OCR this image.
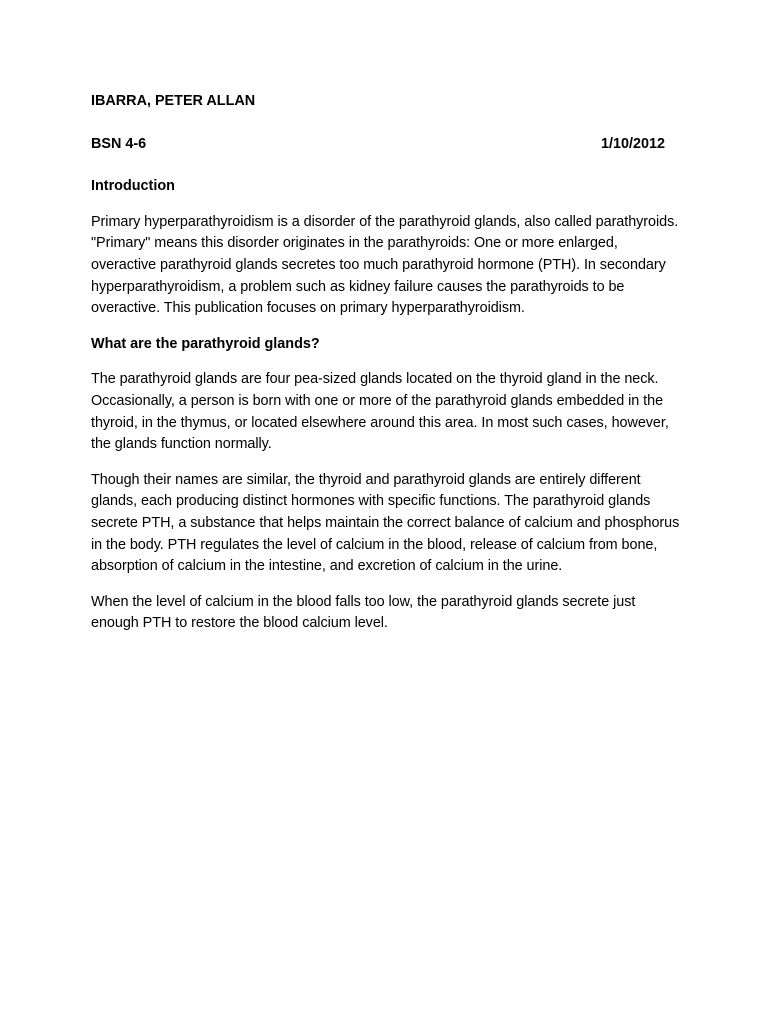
IBARRA, PETER ALLAN
BSN 4-6	1/10/2012
Introduction

Primary hyperparathyroidism is a disorder of the parathyroid glands, also called parathyroids. "Primary" means this disorder originates in the parathyroids: One or more enlarged, overactive parathyroid glands secretes too much parathyroid hormone (PTH). In secondary hyperparathyroidism, a problem such as kidney failure causes the parathyroids to be overactive. This publication focuses on primary hyperparathyroidism.

What are the parathyroid glands?

The parathyroid glands are four pea-sized glands located on the thyroid gland in the neck. Occasionally, a person is born with one or more of the parathyroid glands embedded in the thyroid, in the thymus, or located elsewhere around this area. In most such cases, however, the glands function normally.

Though their names are similar, the thyroid and parathyroid glands are entirely different glands, each producing distinct hormones with specific functions. The parathyroid glands secrete PTH, a substance that helps maintain the correct balance of calcium and phosphorus in the body. PTH regulates the level of calcium in the blood, release of calcium from bone, absorption of calcium in the intestine, and excretion of calcium in the urine.

When the level of calcium in the blood falls too low, the parathyroid glands secrete just enough PTH to restore the blood calcium level.
